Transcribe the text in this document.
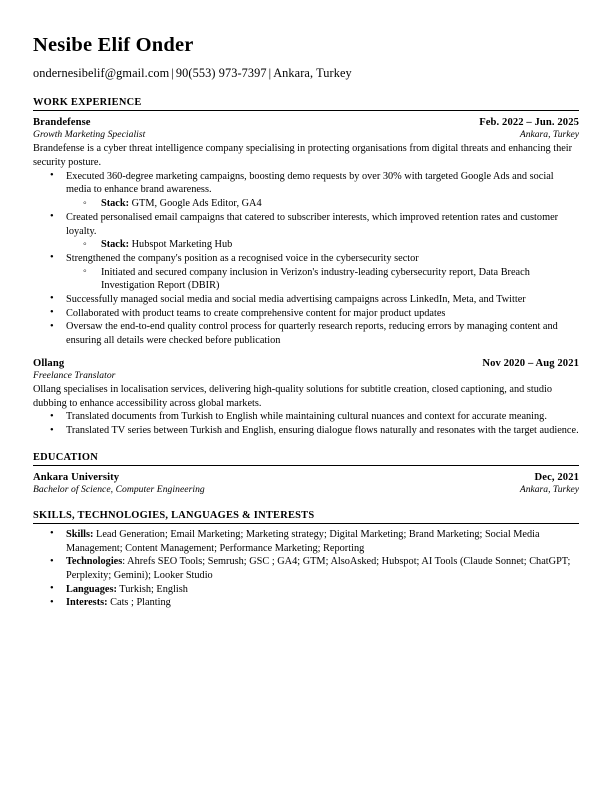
Nesibe Elif Onder
ondernesibelif@gmail.com | 90(553) 973-7397 | Ankara, Turkey
WORK EXPERIENCE
Brandefense	Feb. 2022 – Jun. 2025
Growth Marketing Specialist	Ankara, Turkey

Brandefense is a cyber threat intelligence company specialising in protecting organisations from digital threats and enhancing their security posture.

• Executed 360-degree marketing campaigns, boosting demo requests by over 30% with targeted Google Ads and social media to enhance brand awareness.
◦ Stack: GTM, Google Ads Editor, GA4
• Created personalised email campaigns that catered to subscriber interests, which improved retention rates and customer loyalty.
◦ Stack: Hubspot Marketing Hub
• Strengthened the company's position as a recognised voice in the cybersecurity sector
◦ Initiated and secured company inclusion in Verizon's industry-leading cybersecurity report, Data Breach Investigation Report (DBIR)
• Successfully managed social media and social media advertising campaigns across LinkedIn, Meta, and Twitter
• Collaborated with product teams to create comprehensive content for major product updates
• Oversaw the end-to-end quality control process for quarterly research reports, reducing errors by managing content and ensuring all details were checked before publication
Ollang	Nov 2020 – Aug 2021
Freelance Translator

Ollang specialises in localisation services, delivering high-quality solutions for subtitle creation, closed captioning, and studio dubbing to enhance accessibility across global markets.

• Translated documents from Turkish to English while maintaining cultural nuances and context for accurate meaning.
• Translated TV series between Turkish and English, ensuring dialogue flows naturally and resonates with the target audience.
EDUCATION
Ankara University	Dec, 2021
Bachelor of Science, Computer Engineering	Ankara, Turkey
SKILLS, TECHNOLOGIES, LANGUAGES & INTERESTS
• Skills: Lead Generation; Email Marketing; Marketing strategy; Digital Marketing; Brand Marketing; Social Media Management; Content Management; Performance Marketing; Reporting
• Technologies: Ahrefs SEO Tools; Semrush; GSC ; GA4; GTM; AlsoAsked; Hubspot; AI Tools (Claude Sonnet; ChatGPT; Perplexity; Gemini); Looker Studio
• Languages: Turkish; English
• Interests: Cats ; Planting
